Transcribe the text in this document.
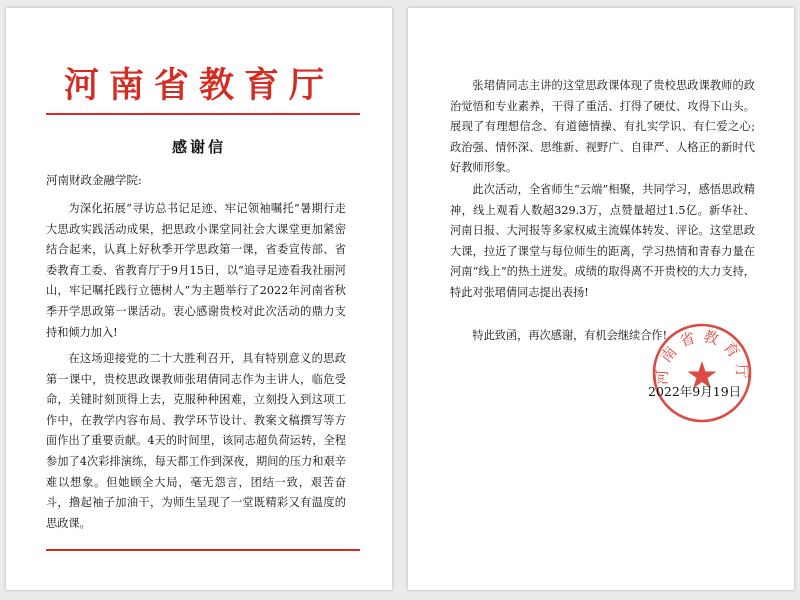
河南省教育厅
感谢信
河南财政金融学院:
为深化拓展“寻访总书记足迹、牢记领袖嘱托”暑期行走大思政实践活动成果，把思政小课堂同社会大课堂更加紧密结合起来，认真上好秋季开学思政第一课，省委宣传部、省委教育工委、省教育厅于9月15日，以“追寻足迹看我社丽河山，牢记嘱托践行立德树人”为主题举行了2022年河南省秋季开学思政第一课活动。衷心感谢贵校对此次活动的鼎力支持和倾力加入!
在这场迎接党的二十大胜利召开，具有特别意义的思政第一课中，贵校思政课教师张珺倩同志作为主讲人，临危受命，关键时刻顶得上去，克服种种困难，立刻投入到这项工作中，在教学内容布局、教学环节设计、教案文稿撰写等方面作出了重要贡献。4天的时间里，该同志超负荷运转，全程参加了4次彩排演练，每天都工作到深夜，期间的压力和艰辛难以想象。但她顾全大局，毫无怨言，团结一致，艰苦奋斗，撸起袖子加油干，为师生呈现了一堂既精彩又有温度的思政课。
张珺倩同志主讲的这堂思政课体现了贵校思政课教师的政治觉悟和专业素养，干得了重活、打得了硬仗、攻得下山头。展现了有理想信念、有道德情操、有扎实学识、有仁爱之心;政治强、情怀深、思维新、视野广、自律严、人格正的新时代好教师形象。
此次活动，全省师生“云端”相聚，共同学习，感悟思政精神，线上观看人数超329.3万，点赞量超过1.5亿。新华社、河南日报、大河报等多家权威主流媒体转发、评论。这堂思政大课，拉近了课堂与每位师生的距离，学习热情和青春力量在河南“线上”的热土迸发。成绩的取得离不开贵校的大力支持，特此对张珺倩同志提出表扬!
特此致函，再次感谢，有机会继续合作!
河南省教育厅
2022年9月19日
